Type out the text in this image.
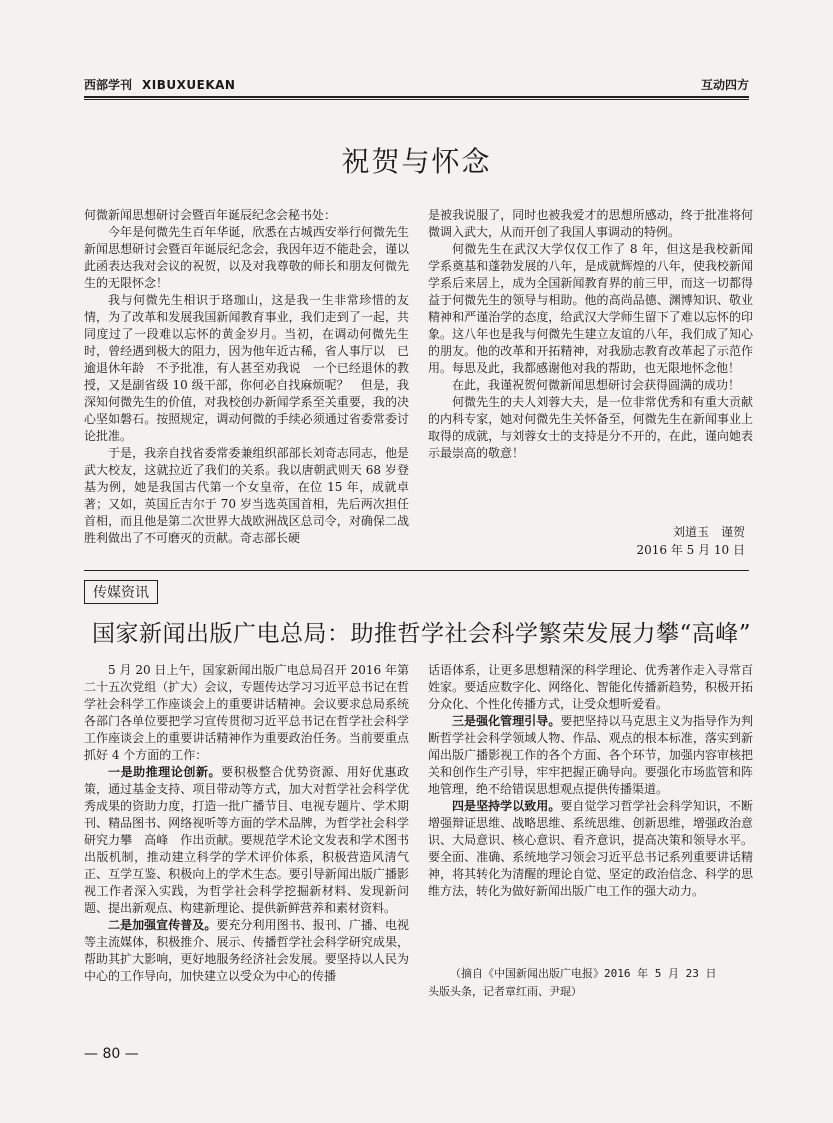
西部学刊 XIBUXUEKAN	互动四方
祝贺与怀念

何微新闻思想研讨会暨百年诞辰纪念会秘书处：

今年是何微先生百年华诞，欣悉在古城西安举行何微先生新闻思想研讨会暨百年诞辰纪念会，我因年迈不能赴会，谨以此函表达我对会议的祝贺，以及对我尊敬的师长和朋友何微先生的无限怀念！

我与何微先生相识于珞珈山，这是我一生非常珍惜的友情，为了改革和发展我国新闻教育事业，我们走到了一起，共同度过了一段难以忘怀的黄金岁月。当初，在调动何微先生时，曾经遇到极大的阻力，因为他年近古稀，省人事厅以　已逾退休年龄　不予批准，有人甚至劝我说　一个已经退休的教授，又是副省级 10 级干部，你何必自找麻烦呢？　但是，我深知何微先生的价值，对我校创办新闻学系至关重要，我的决心坚如磐石。按照规定，调动何微的手续必须通过省委常委讨论批准。

于是，我亲自找省委常委兼组织部部长刘奇志同志，他是武大校友，这就拉近了我们的关系。我以唐朝武则天 68 岁登基为例，她是我国古代第一个女皇帝，在位 15 年，成就卓著；又如，英国丘吉尔于 70 岁当选英国首相，先后两次担任首相，而且他是第二次世界大战欧洲战区总司令，对确保二战胜利做出了不可磨灭的贡献。奇志部长硬

是被我说服了，同时也被我爱才的思想所感动，终于批准将何微调入武大，从而开创了我国人事调动的特例。

何微先生在武汉大学仅仅工作了 8 年，但这是我校新闻学系奠基和蓬勃发展的八年，是成就辉煌的八年，使我校新闻学系后来居上，成为全国新闻教育界的前三甲，而这一切都得益于何微先生的领导与相助。他的高尚品德、渊博知识、敬业精神和严谨治学的态度，给武汉大学师生留下了难以忘怀的印象。这八年也是我与何微先生建立友谊的八年，我们成了知心的朋友。他的改革和开拓精神，对我励志教育改革起了示范作用。每思及此，我都感谢他对我的帮助，也无限地怀念他！

在此，我谨祝贺何微新闻思想研讨会获得圆满的成功！

何微先生的夫人刘蓉大夫，是一位非常优秀和有重大贡献的内科专家，她对何微先生关怀备至，何微先生在新闻事业上取得的成就，与刘蓉女士的支持是分不开的，在此，谨向她表示最崇高的敬意！

刘道玉　谨贺
2016 年 5 月 10 日
传媒资讯
国家新闻出版广电总局：助推哲学社会科学繁荣发展力攀“高峰”

5 月 20 日上午，国家新闻出版广电总局召开 2016 年第二十五次党组（扩大）会议，专题传达学习习近平总书记在哲学社会科学工作座谈会上的重要讲话精神。会议要求总局系统各部门各单位要把学习宣传贯彻习近平总书记在哲学社会科学工作座谈会上的重要讲话精神作为重要政治任务。当前要重点抓好 4 个方面的工作：

一是助推理论创新。要积极整合优势资源、用好优惠政策，通过基金支持、项目带动等方式，加大对哲学社会科学优秀成果的资助力度，打造一批广播节目、电视专题片、学术期刊、精品图书、网络视听等方面的学术品牌，为哲学社会科学研究力攀　高峰　作出贡献。要规范学术论文发表和学术图书出版机制，推动建立科学的学术评价体系，积极营造风清气正、互学互鉴、积极向上的学术生态。要引导新闻出版广播影视工作者深入实践，为哲学社会科学挖掘新材料、发现新问题、提出新观点、构建新理论、提供新鲜营养和素材资料。

二是加强宣传普及。要充分利用图书、报刊、广播、电视等主流媒体，积极推介、展示、传播哲学社会科学研究成果，帮助其扩大影响，更好地服务经济社会发展。要坚持以人民为中心的工作导向，加快建立以受众为中心的传播

话语体系，让更多思想精深的科学理论、优秀著作走入寻常百姓家。要适应数字化、网络化、智能化传播新趋势，积极开拓分众化、个性化传播方式，让受众想听爱看。

三是强化管理引导。要把坚持以马克思主义为指导作为判断哲学社会科学领域人物、作品、观点的根本标准，落实到新闻出版广播影视工作的各个方面、各个环节，加强内容审核把关和创作生产引导，牢牢把握正确导向。要强化市场监管和阵地管理，绝不给错误思想观点提供传播渠道。

四是坚持学以致用。要自觉学习哲学社会科学知识，不断增强辩证思维、战略思维、系统思维、创新思维，增强政治意识、大局意识、核心意识、看齐意识，提高决策和领导水平。要全面、准确、系统地学习领会习近平总书记系列重要讲话精神，将其转化为清醒的理论自觉、坚定的政治信念、科学的思维方法，转化为做好新闻出版广电工作的强大动力。

（摘自《中国新闻出版广电报》2016 年 5 月 23 日

头版头条，记者章红雨、尹琨）

— 80 —
